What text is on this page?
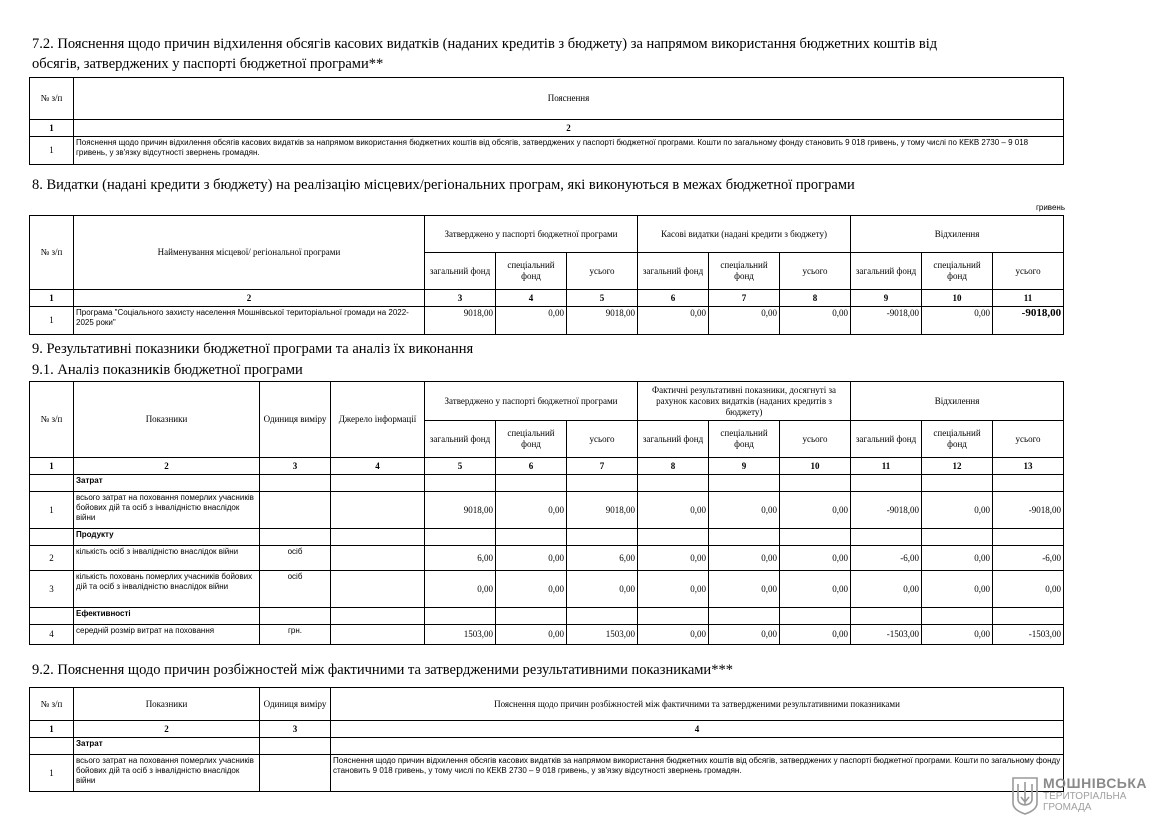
7.2. Пояснення щодо причин відхилення обсягів касових видатків (наданих кредитів з бюджету) за напрямом використання бюджетних коштів від
обсягів, затверджених у паспорті бюджетної програми**
№ з/п	Пояснення
1	2
1	Пояснення щодо причин відхилення обсягів касових видатків за напрямом використання бюджетних коштів від обсягів, затверджених у паспорті бюджетної програми. Кошти по загальному фонду становить 9 018 гривень, у тому числі по КЕКВ 2730 – 9 018 гривень, у зв'язку відсутності звернень громадян.
8. Видатки (надані кредити з бюджету) на реалізацію місцевих/регіональних програм, які виконуються в межах бюджетної програми
гривень
№ з/п	Найменування місцевої/ регіональної програми	Затверджено у паспорті бюджетної програми			Касові видатки (надані кредити з бюджету)			Відхилення		
		загальний фонд	спеціальний фонд	усього	загальний фонд	спеціальний фонд	усього	загальний фонд	спеціальний фонд	усього
1	2	3	4	5	6	7	8	9	10	11
1	Програма "Соціального захисту населення Мошнівської територіальної громади на 2022-2025 роки"	9018,00	0,00	9018,00	0,00	0,00	0,00	-9018,00	0,00	-9018,00
9. Результативні показники бюджетної програми та аналіз їх виконання
9.1. Аналіз показників бюджетної програми
№ з/п	Показники	Одиниця виміру	Джерело інформації	Затверджено у паспорті бюджетної програми			Фактичні результативні показники, досягнуті за рахунок касових видатків (наданих кредитів з бюджету)			Відхилення		
				загальний фонд	спеціальний фонд	усього	загальний фонд	спеціальний фонд	усього	загальний фонд	спеціальний фонд	усього
1	2	3	4	5	6	7	8	9	10	11	12	13
	Затрат											
1	всього затрат на поховання померлих учасників бойових дій та осіб з інвалідністю внаслідок війни			9018,00	0,00	9018,00	0,00	0,00	0,00	-9018,00	0,00	-9018,00
	Продукту											
2	кількість осіб з інвалідністю внаслідок війни	осіб		6,00	0,00	6,00	0,00	0,00	0,00	-6,00	0,00	-6,00
3	кількість поховань померлих учасників бойових дій та осіб з інвалідністю внаслідок війни	осіб		0,00	0,00	0,00	0,00	0,00	0,00	0,00	0,00	0,00
	Ефективності											
4	середній розмір витрат на поховання	грн.		1503,00	0,00	1503,00	0,00	0,00	0,00	-1503,00	0,00	-1503,00
9.2. Пояснення щодо причин розбіжностей між фактичними та затвердженими результативними показниками***
№ з/п	Показники	Одиниця виміру	Пояснення щодо причин розбіжностей між фактичними та затвердженими результативними показниками
1	2	3	4
	Затрат		
1	всього затрат на поховання померлих учасників бойових дій та осіб з інвалідністю внаслідок війни		Пояснення щодо причин відхилення обсягів касових видатків за напрямом використання бюджетних коштів від обсягів, затверджених у паспорті бюджетної програми. Кошти по загальному фонду становить 9 018 гривень, у тому числі по КЕКВ 2730 – 9 018 гривень, у зв'язку відсутності звернень громадян.
МОШНІВСЬКА
ТЕРИТОРІАЛЬНА
ГРОМАДА
